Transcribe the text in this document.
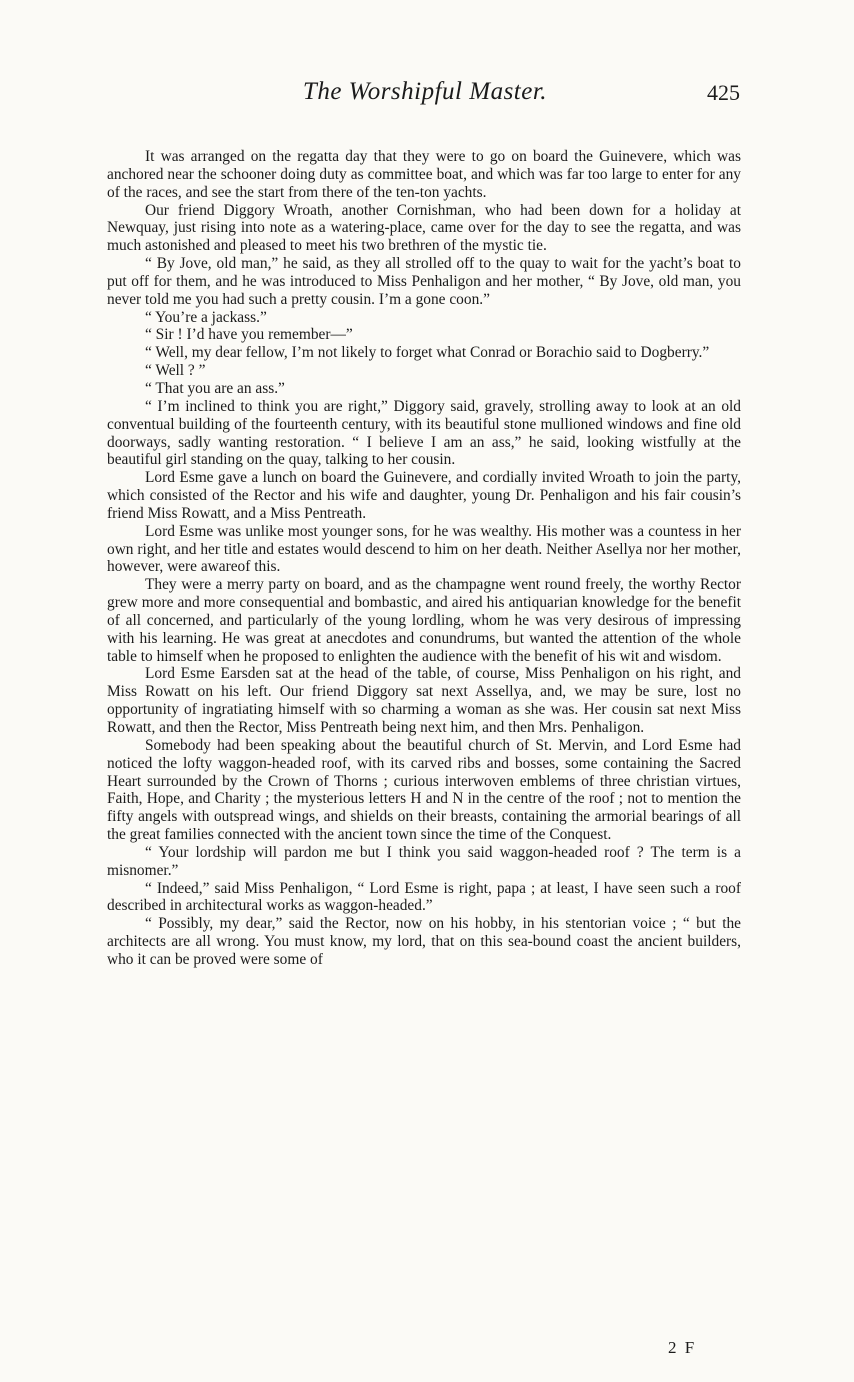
The Worshipful Master.	425

It was arranged on the regatta day that they were to go on board the Guinevere, which was anchored near the schooner doing duty as committee boat, and which was far too large to enter for any of the races, and see the start from there of the ten-ton yachts.

Our friend Diggory Wroath, another Cornishman, who had been down for a holiday at Newquay, just rising into note as a watering-place, came over for the day to see the regatta, and was much astonished and pleased to meet his two brethren of the mystic tie.

“ By Jove, old man,” he said, as they all strolled off to the quay to wait for the yacht’s boat to put off for them, and he was introduced to Miss Penhaligon and her mother, “ By Jove, old man, you never told me you had such a pretty cousin. I’m a gone coon.”

“ You’re a jackass.”

“ Sir ! I’d have you remember—”

“ Well, my dear fellow, I’m not likely to forget what Conrad or Borachio said to Dogberry.”

“ Well ? ”

“ That you are an ass.”

“ I’m inclined to think you are right,” Diggory said, gravely, strolling away to look at an old conventual building of the fourteenth century, with its beautiful stone mullioned windows and fine old doorways, sadly wanting restoration. “ I believe I am an ass,” he said, looking wistfully at the beautiful girl standing on the quay, talking to her cousin.

Lord Esme gave a lunch on board the Guinevere, and cordially invited Wroath to join the party, which consisted of the Rector and his wife and daughter, young Dr. Penhaligon and his fair cousin’s friend Miss Rowatt, and a Miss Pentreath.

Lord Esme was unlike most younger sons, for he was wealthy. His mother was a countess in her own right, and her title and estates would descend to him on her death. Neither Asellya nor her mother, however, were awareof this.

They were a merry party on board, and as the champagne went round freely, the worthy Rector grew more and more consequential and bombastic, and aired his antiquarian knowledge for the benefit of all concerned, and particularly of the young lordling, whom he was very desirous of impressing with his learning. He was great at anecdotes and conundrums, but wanted the attention of the whole table to himself when he proposed to enlighten the audience with the benefit of his wit and wisdom.

Lord Esme Earsden sat at the head of the table, of course, Miss Penhaligon on his right, and Miss Rowatt on his left. Our friend Diggory sat next Assellya, and, we may be sure, lost no opportunity of ingratiating himself with so charming a woman as she was. Her cousin sat next Miss Rowatt, and then the Rector, Miss Pentreath being next him, and then Mrs. Penhaligon.

Somebody had been speaking about the beautiful church of St. Mervin, and Lord Esme had noticed the lofty waggon-headed roof, with its carved ribs and bosses, some containing the Sacred Heart surrounded by the Crown of Thorns ; curious interwoven emblems of three christian virtues, Faith, Hope, and Charity ; the mysterious letters H and N in the centre of the roof ; not to mention the fifty angels with outspread wings, and shields on their breasts, containing the armorial bearings of all the great families connected with the ancient town since the time of the Conquest.

“ Your lordship will pardon me but I think you said waggon-headed roof ? The term is a misnomer.”

“ Indeed,” said Miss Penhaligon, “ Lord Esme is right, papa ; at least, I have seen such a roof described in architectural works as waggon-headed.”

“ Possibly, my dear,” said the Rector, now on his hobby, in his stentorian voice ; “ but the architects are all wrong. You must know, my lord, that on this sea-bound coast the ancient builders, who it can be proved were some of

2 F
